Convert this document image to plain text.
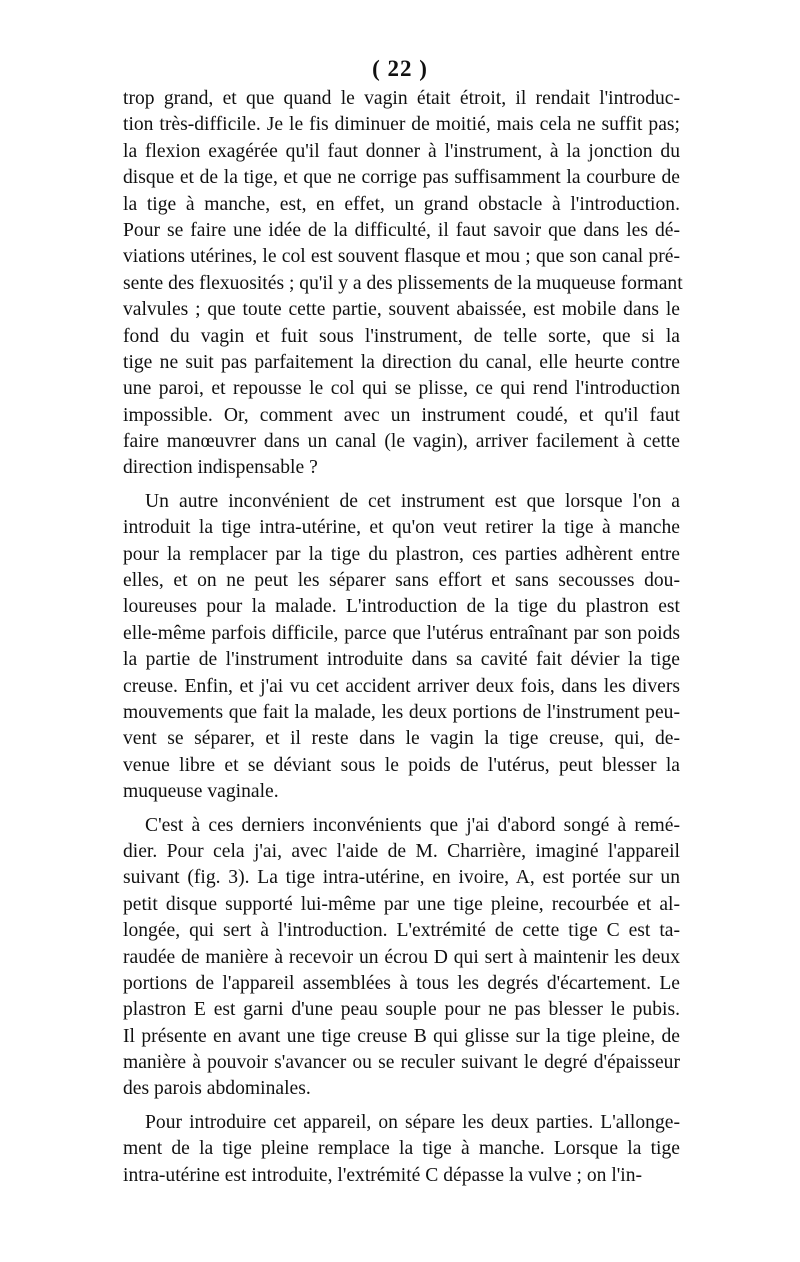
( 22 )
trop grand, et que quand le vagin était étroit, il rendait l'introduc-
tion très-difficile. Je le fis diminuer de moitié, mais cela ne suffit pas;
la flexion exagérée qu'il faut donner à l'instrument, à la jonction du
disque et de la tige, et que ne corrige pas suffisamment la courbure de
la tige à manche, est, en effet, un grand obstacle à l'introduction.
Pour se faire une idée de la difficulté, il faut savoir que dans les dé-
viations utérines, le col est souvent flasque et mou ; que son canal pré-
sente des flexuosités ; qu'il y a des plissements de la muqueuse formant
valvules ; que toute cette partie, souvent abaissée, est mobile dans le
fond du vagin et fuit sous l'instrument, de telle sorte, que si la
tige ne suit pas parfaitement la direction du canal, elle heurte contre
une paroi, et repousse le col qui se plisse, ce qui rend l'introduction
impossible. Or, comment avec un instrument coudé, et qu'il faut
faire manœuvrer dans un canal (le vagin), arriver facilement à cette
direction indispensable ?
Un autre inconvénient de cet instrument est que lorsque l'on a
introduit la tige intra-utérine, et qu'on veut retirer la tige à manche
pour la remplacer par la tige du plastron, ces parties adhèrent entre
elles, et on ne peut les séparer sans effort et sans secousses dou-
loureuses pour la malade. L'introduction de la tige du plastron est
elle-même parfois difficile, parce que l'utérus entraînant par son poids
la partie de l'instrument introduite dans sa cavité fait dévier la tige
creuse. Enfin, et j'ai vu cet accident arriver deux fois, dans les divers
mouvements que fait la malade, les deux portions de l'instrument peu-
vent se séparer, et il reste dans le vagin la tige creuse, qui, de-
venue libre et se déviant sous le poids de l'utérus, peut blesser la
muqueuse vaginale.
C'est à ces derniers inconvénients que j'ai d'abord songé à remé-
dier. Pour cela j'ai, avec l'aide de M. Charrière, imaginé l'appareil
suivant (fig. 3). La tige intra-utérine, en ivoire, A, est portée sur un
petit disque supporté lui-même par une tige pleine, recourbée et al-
longée, qui sert à l'introduction. L'extrémité de cette tige C est ta-
raudée de manière à recevoir un écrou D qui sert à maintenir les deux
portions de l'appareil assemblées à tous les degrés d'écartement. Le
plastron E est garni d'une peau souple pour ne pas blesser le pubis.
Il présente en avant une tige creuse B qui glisse sur la tige pleine, de
manière à pouvoir s'avancer ou se reculer suivant le degré d'épaisseur
des parois abdominales.
Pour introduire cet appareil, on sépare les deux parties. L'allonge-
ment de la tige pleine remplace la tige à manche. Lorsque la tige
intra-utérine est introduite, l'extrémité C dépasse la vulve ; on l'in-
